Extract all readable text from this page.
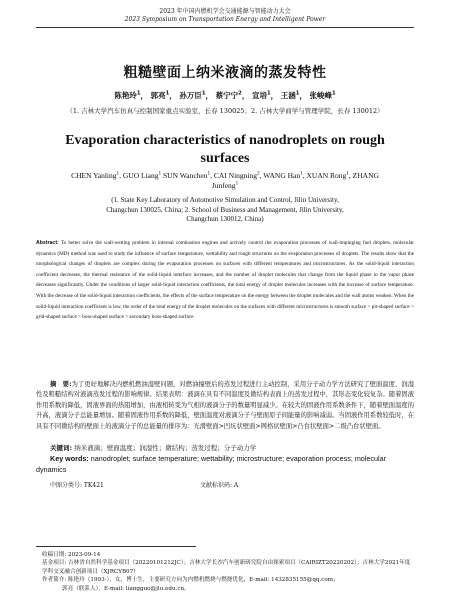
2023 年中国内燃机学会交通能源与智能动力大会
2023 Symposium on Transportation Energy and Intelligent Power
粗糙壁面上纳米液滴的蒸发特性
陈艳玲$^1$， 郭亮$^1$， 孙万臣$^1$， 蔡宁宁$^2$， 宣培$^1$， 王涵$^1$， 张峻峰$^1$
（1. 吉林大学汽车仿真与控制国家重点实验室，长春 130025；2. 吉林大学商学与管理学院，长春 130012）
Evaporation characteristics of nanodroplets on rough surfaces
CHEN Yanling$^1$, GUO Liang$^1$ SUN Wanchen$^1$, CAI Ningning$^2$, WANG Han$^1$, XUAN Rong$^1$, ZHANG Junfeng$^1$
(1. State Key Laboratory of Automotive Simulation and Control, Jilin University, Changchun 130025, China; 2. School of Business and Management, Jilin University, Changchun 130012, China)
Abstract: To better solve the wall-wetting problem in internal combustion engines and actively control the evaporation processes of wall-impinging fuel droplets, molecular dynamics (MD) method was used to study the influence of surface temperature, wettability and rough structures on the evaporation processes of droplets. The results show that the morphological changes of droplets are complex during the evaporation processes on surfaces with different temperatures and microstructures. As the solid-liquid interaction coefficient decreases, the thermal resistance of the solid-liquid interface increases, and the number of droplet molecules that change from the liquid phase to the vapor phase decreases significantly. Under the conditions of larger solid-liquid interaction coefficients, the total energy of droplet molecules increases with the increase of surface temperature. With the decrease of the solid-liquid interaction coefficients, the effects of the surface temperature on the energy between the droplet molecules and the wall atoms weaken. When the solid-liquid interaction coefficient is low, the order of the total energy of the droplet molecules on the surfaces with different microstructures is smooth surface > pit-shaped surface > grid-shaped surface > boss-shaped surface > secondary boss-shaped surface.
摘　要:为了更好地解决内燃机燃油湿壁问题，对燃油撞壁后的蒸发过程进行主动控制，采用分子动力学方法研究了壁面温度、润湿性及粗糙结构对液滴蒸发过程的影响规律。结果表明：液滴在具有不同温度及微结构表面上的蒸发过程中，其形态变化较复杂。随着固液作用系数的降低，固液界面的热阻增加，由液相转变为气相的液滴分子的数量明显减少。在较大的固液作用系数条件下，随着壁面温度的升高，液滴分子总能量增加。随着固液作用系数的降低，壁面温度对液滴分子与壁面原子间能量的影响减弱。当固液作用系数较低时，在具有不同微结构的壁面上的液滴分子的总能量的排序为：光滑壁面>凹坑状壁面>网格状壁面>凸台状壁面>二级凸台状壁面。
关键词: 纳米液滴；壁面温度；润湿性；微结构；蒸发过程；分子动力学
Key words: nanodroplet; surface temperature; wettability; microstructure; evaporation process; molecular dynamics
中图分类号: TK421	文献标识码: A
收稿日期: 2023-09-14
基金项目: 吉林省自然科学基金项目（20220101212JC）；吉林大学长沙汽车创新研究院自由探索项目（CAIRIZT20220202）；吉林大学2021年度学科交叉融合创新项目（XJRCYB07）
作者简介: 陈艳玲（1993-），女，博士生，主要研究方向为内燃机燃烧与燃烧优化，E-mail: 1432835155@qq.com；
郭亮（联系人），E-mail: liangguo@jlu.edu.cn。
